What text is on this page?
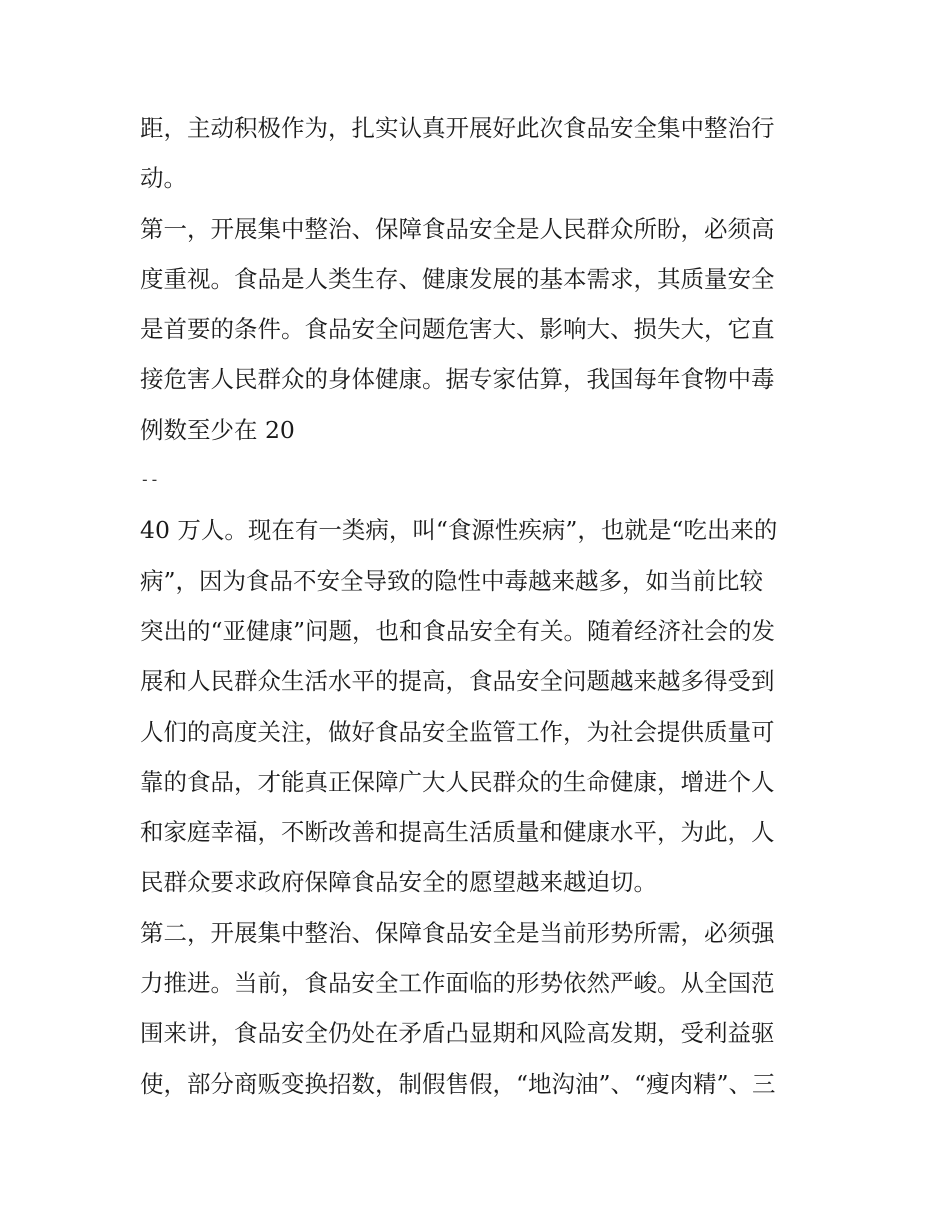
距，主动积极作为，扎实认真开展好此次食品安全集中整治行
动。
第一，开展集中整治、保障食品安全是人民群众所盼，必须高
度重视。食品是人类生存、健康发展的基本需求，其质量安全
是首要的条件。食品安全问题危害大、影响大、损失大，它直
接危害人民群众的身体健康。据专家估算，我国每年食物中毒
例数至少在 20
--
40 万人。现在有一类病，叫“食源性疾病”，也就是“吃出来的
病”，因为食品不安全导致的隐性中毒越来越多，如当前比较
突出的“亚健康”问题，也和食品安全有关。随着经济社会的发
展和人民群众生活水平的提高，食品安全问题越来越多得受到
人们的高度关注，做好食品安全监管工作，为社会提供质量可
靠的食品，才能真正保障广大人民群众的生命健康，增进个人
和家庭幸福，不断改善和提高生活质量和健康水平，为此，人
民群众要求政府保障食品安全的愿望越来越迫切。
第二，开展集中整治、保障食品安全是当前形势所需，必须强
力推进。当前，食品安全工作面临的形势依然严峻。从全国范
围来讲，食品安全仍处在矛盾凸显期和风险高发期，受利益驱
使，部分商贩变换招数，制假售假，“地沟油”、“瘦肉精”、三
